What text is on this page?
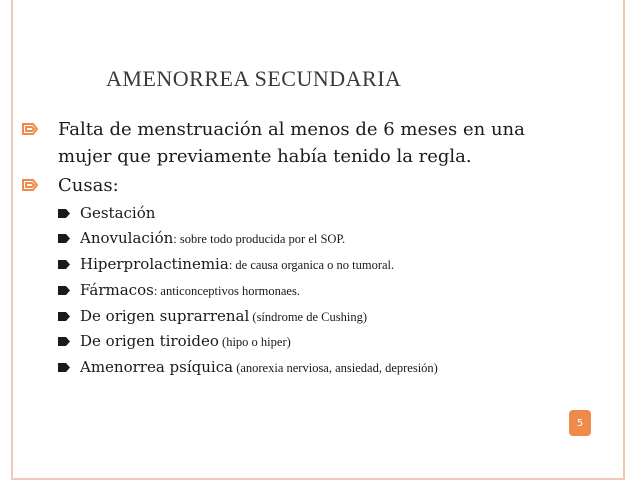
AMENORREA SECUNDARIA
Falta de menstruación al menos de 6 meses en una
mujer que previamente había tenido la regla.
Cusas:
Gestación
Anovulación: sobre todo producida por el SOP.
Hiperprolactinemia: de causa organica o no tumoral.
Fármacos: anticonceptivos hormonaes.
De origen suprarrenal (síndrome de Cushing)
De origen tiroideo (hipo o hiper)
Amenorrea psíquica (anorexia nerviosa, ansiedad, depresión)
5
